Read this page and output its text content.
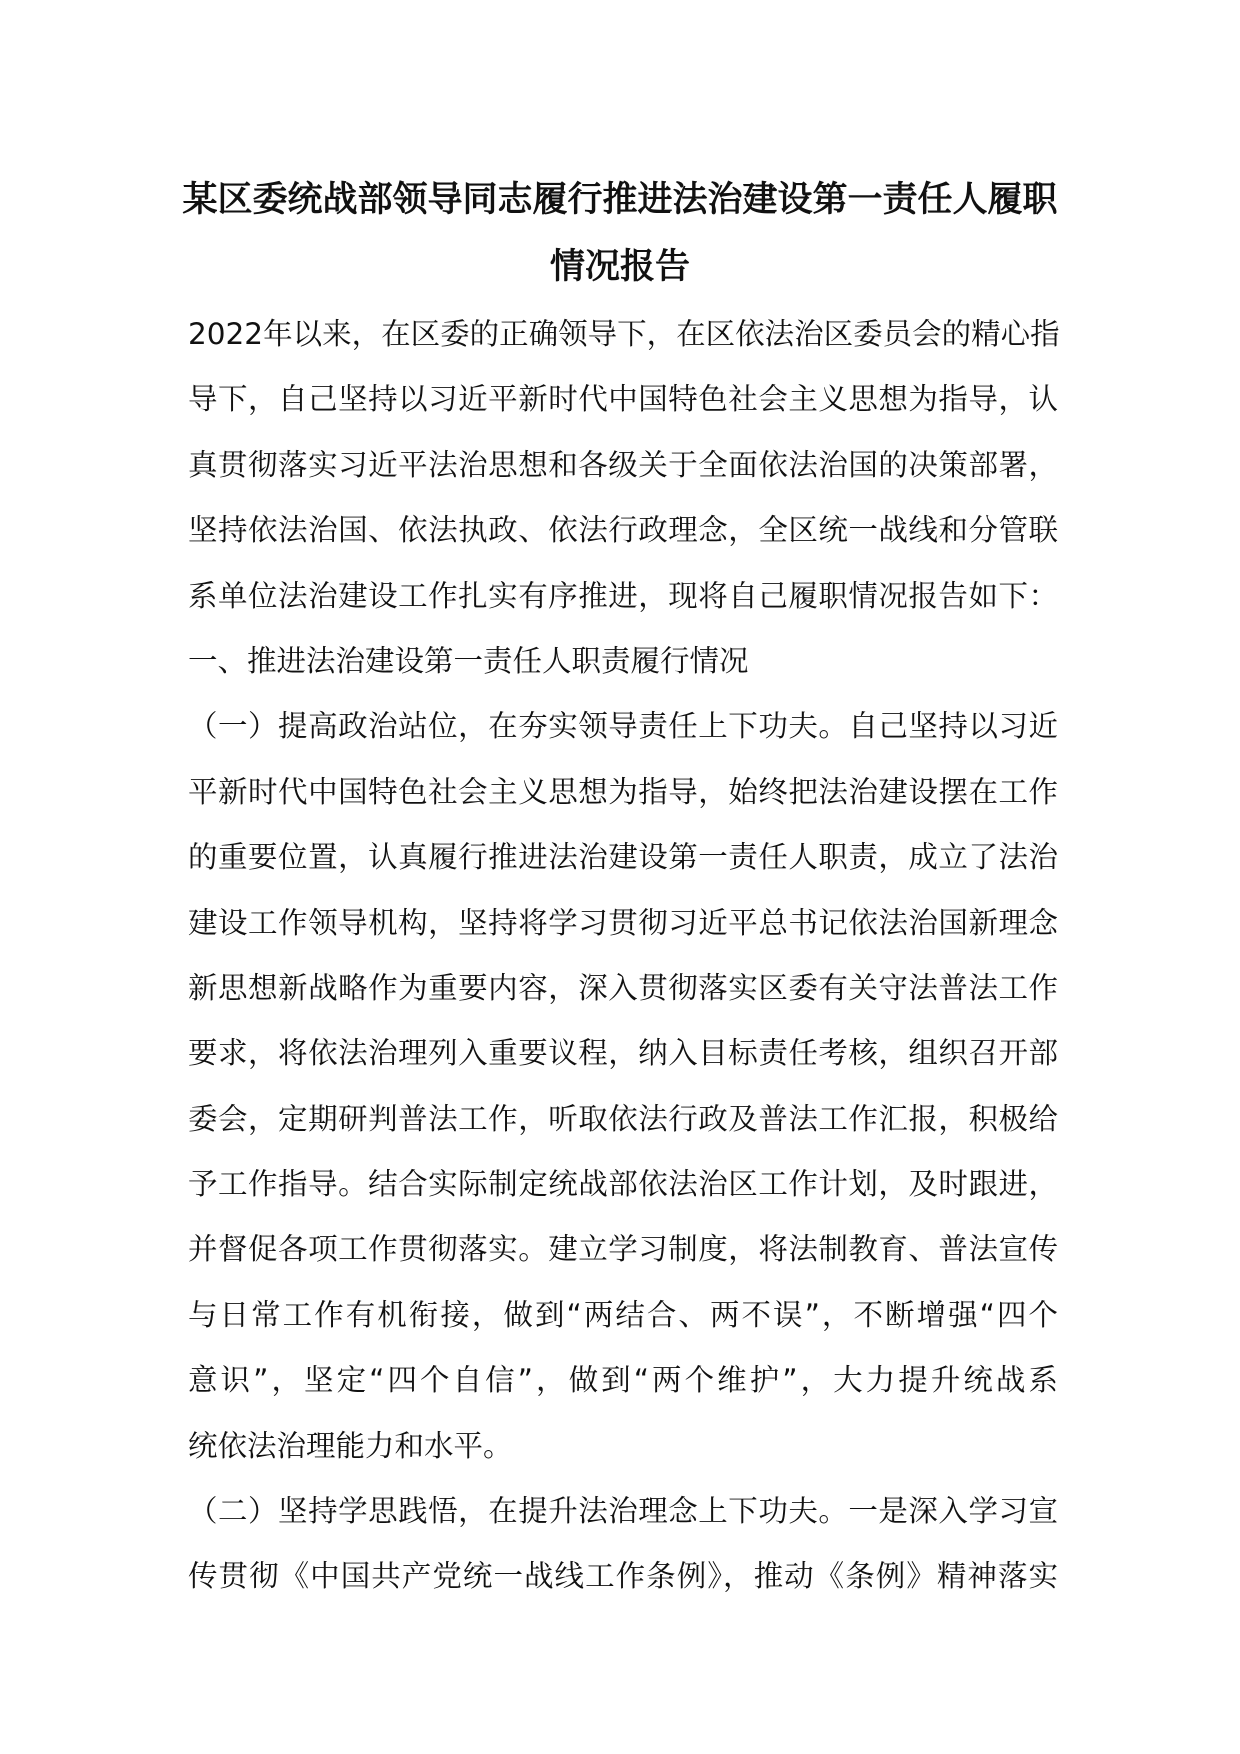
某区委统战部领导同志履行推进法治建设第一责任人履职
情况报告
2022年以来，在区委的正确领导下，在区依法治区委员会的精心指
导下，自己坚持以习近平新时代中国特色社会主义思想为指导，认
真贯彻落实习近平法治思想和各级关于全面依法治国的决策部署，
坚持依法治国、依法执政、依法行政理念，全区统一战线和分管联
系单位法治建设工作扎实有序推进，现将自己履职情况报告如下：
一、推进法治建设第一责任人职责履行情况
（一）提高政治站位，在夯实领导责任上下功夫。自己坚持以习近
平新时代中国特色社会主义思想为指导，始终把法治建设摆在工作
的重要位置，认真履行推进法治建设第一责任人职责，成立了法治
建设工作领导机构，坚持将学习贯彻习近平总书记依法治国新理念
新思想新战略作为重要内容，深入贯彻落实区委有关守法普法工作
要求，将依法治理列入重要议程，纳入目标责任考核，组织召开部
委会，定期研判普法工作，听取依法行政及普法工作汇报，积极给
予工作指导。结合实际制定统战部依法治区工作计划，及时跟进，
并督促各项工作贯彻落实。建立学习制度，将法制教育、普法宣传
与日常工作有机衔接，做到“两结合、两不误”，不断增强“四个
意识”，坚定“四个自信”，做到“两个维护”，大力提升统战系
统依法治理能力和水平。
（二）坚持学思践悟，在提升法治理念上下功夫。一是深入学习宣
传贯彻《中国共产党统一战线工作条例》，推动《条例》精神落实
